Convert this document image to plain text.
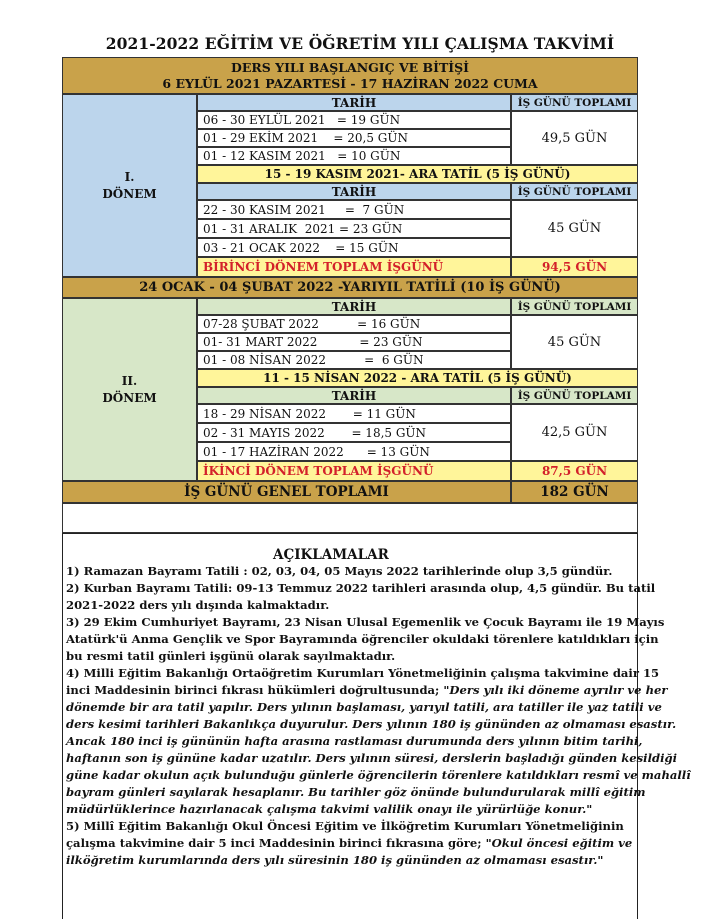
2021-2022 EĞİTİM VE ÖĞRETİM YILI ÇALIŞMA TAKVİMİ
DERS YILI BAŞLANGIÇ VE BİTİŞİ
6 EYLÜL 2021 PAZARTESİ - 17 HAZİRAN 2022 CUMA
I.
DÖNEM
TARİH	İŞ GÜNÜ TOPLAMI
06 - 30 EYLÜL 2021   = 19 GÜN
01 - 29 EKİM 2021    = 20,5 GÜN
01 - 12 KASIM 2021   = 10 GÜN
49,5 GÜN
15 - 19 KASIM 2021- ARA TATİL (5 İŞ GÜNÜ)
TARİH	İŞ GÜNÜ TOPLAMI
22 - 30 KASIM 2021     =  7 GÜN
01 - 31 ARALIK  2021 = 23 GÜN
03 - 21 OCAK 2022    = 15 GÜN
45 GÜN
BİRİNCİ DÖNEM TOPLAM İŞGÜNÜ	94,5 GÜN
24 OCAK - 04 ŞUBAT 2022 -YARIYIL TATİLİ (10 İŞ GÜNÜ)
II.
DÖNEM
TARİH	İŞ GÜNÜ TOPLAMI
07-28 ŞUBAT 2022          = 16 GÜN
01- 31 MART 2022           = 23 GÜN
01 - 08 NİSAN 2022          =  6 GÜN
45 GÜN
11 - 15 NİSAN 2022 - ARA TATİL (5 İŞ GÜNÜ)
TARİH	İŞ GÜNÜ TOPLAMI
18 - 29 NİSAN 2022       = 11 GÜN
02 - 31 MAYIS 2022       = 18,5 GÜN
01 - 17 HAZİRAN 2022      = 13 GÜN
42,5 GÜN
İKİNCİ DÖNEM TOPLAM İŞGÜNÜ	87,5 GÜN
İŞ GÜNÜ GENEL TOPLAMI	182 GÜN
AÇIKLAMALAR
1) Ramazan Bayramı Tatili : 02, 03, 04, 05 Mayıs 2022 tarihlerinde olup 3,5 gündür.
2) Kurban Bayramı Tatili: 09-13 Temmuz 2022 tarihleri arasında olup, 4,5 gündür. Bu tatil
2021-2022 ders yılı dışında kalmaktadır.
3) 29 Ekim Cumhuriyet Bayramı, 23 Nisan Ulusal Egemenlik ve Çocuk Bayramı ile 19 Mayıs
Atatürk'ü Anma Gençlik ve Spor Bayramında öğrenciler okuldaki törenlere katıldıkları için
bu resmi tatil günleri işgünü olarak sayılmaktadır.
4) Milli Eğitim Bakanlığı Ortaöğretim Kurumları Yönetmeliğinin çalışma takvimine dair 15
inci Maddesinin birinci fıkrası hükümleri doğrultusunda; "Ders yılı iki döneme ayrılır ve her
dönemde bir ara tatil yapılır. Ders yılının başlaması, yarıyıl tatili, ara tatiller ile yaz tatili ve
ders kesimi tarihleri Bakanlıkça duyurulur. Ders yılının 180 iş gününden az olmaması esastır.
Ancak 180 inci iş gününün hafta arasına rastlaması durumunda ders yılının bitim tarihi,
haftanın son iş gününe kadar uzatılır. Ders yılının süresi, derslerin başladığı günden kesildiği
güne kadar okulun açık bulunduğu günlerle öğrencilerin törenlere katıldıkları resmî ve mahallî
bayram günleri sayılarak hesaplanır. Bu tarihler göz önünde bulundurularak millî eğitim
müdürlüklerince hazırlanacak çalışma takvimi valilik onayı ile yürürlüğe konur."
5) Millî Eğitim Bakanlığı Okul Öncesi Eğitim ve İlköğretim Kurumları Yönetmeliğinin
çalışma takvimine dair 5 inci Maddesinin birinci fıkrasına göre; "Okul öncesi eğitim ve
ilköğretim kurumlarında ders yılı süresinin 180 iş gününden az olmaması esastır."
